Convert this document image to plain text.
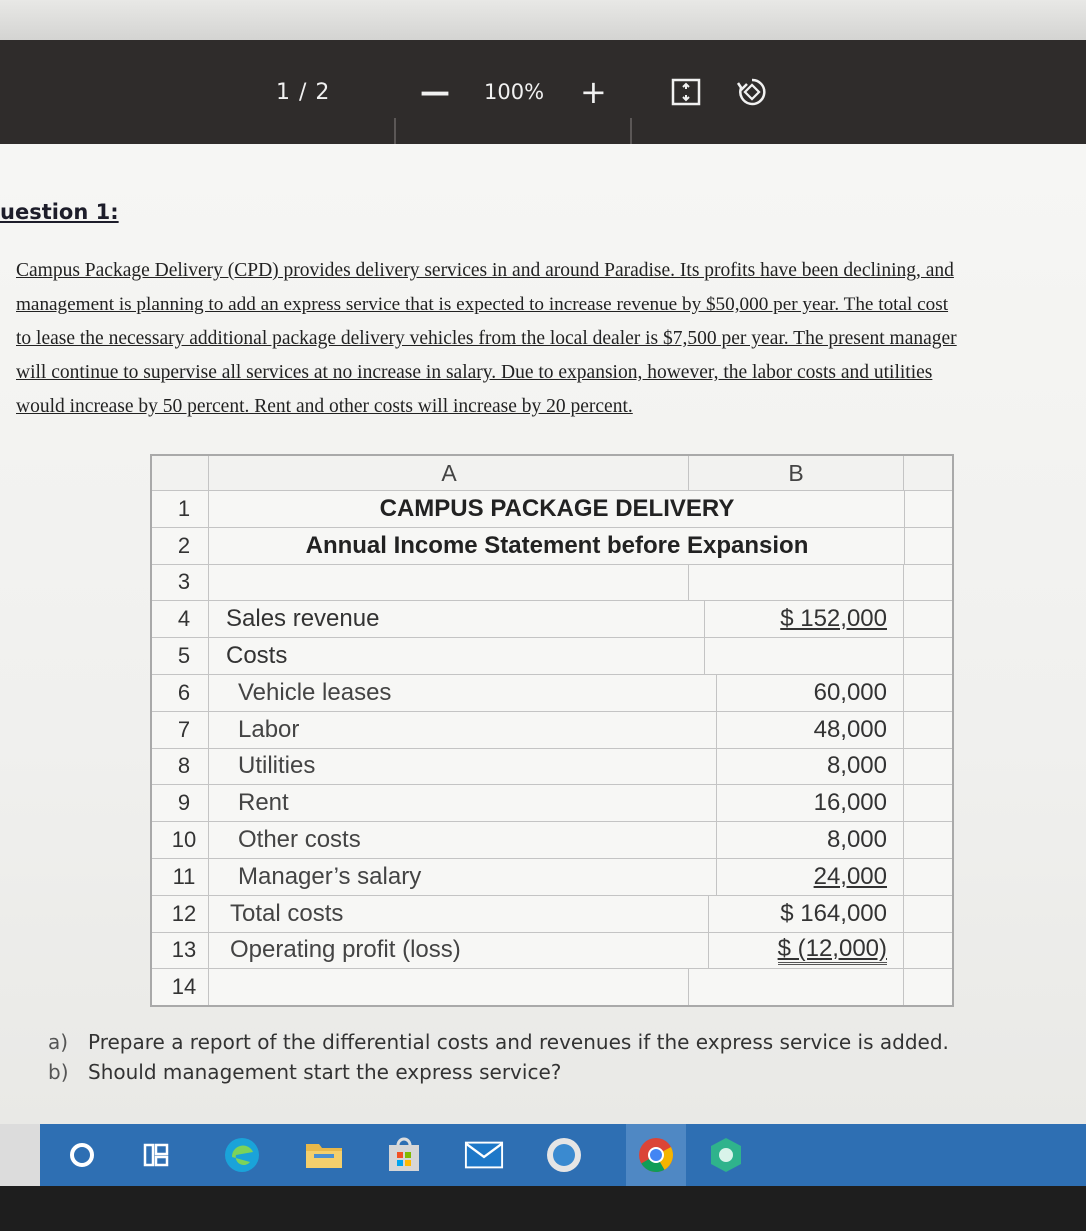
1 / 2	— 100% +
uestion 1:
Campus Package Delivery (CPD) provides delivery services in and around Paradise. Its profits have been declining, and
management is planning to add an express service that is expected to increase revenue by $50,000 per year. The total cost
to lease the necessary additional package delivery vehicles from the local dealer is $7,500 per year. The present manager
will continue to supervise all services at no increase in salary. Due to expansion, however, the labor costs and utilities
would increase by 50 percent. Rent and other costs will increase by 20 percent.
A	B
1	CAMPUS PACKAGE DELIVERY
2	Annual Income Statement before Expansion
3
4	Sales revenue	$ 152,000
5	Costs
6	Vehicle leases	60,000
7	Labor	48,000
8	Utilities	8,000
9	Rent	16,000
10	Other costs	8,000
11	Manager’s salary	24,000
12	Total costs	$ 164,000
13	Operating profit (loss)	$ (12,000)
14
a) Prepare a report of the differential costs and revenues if the express service is added.
b) Should management start the express service?
